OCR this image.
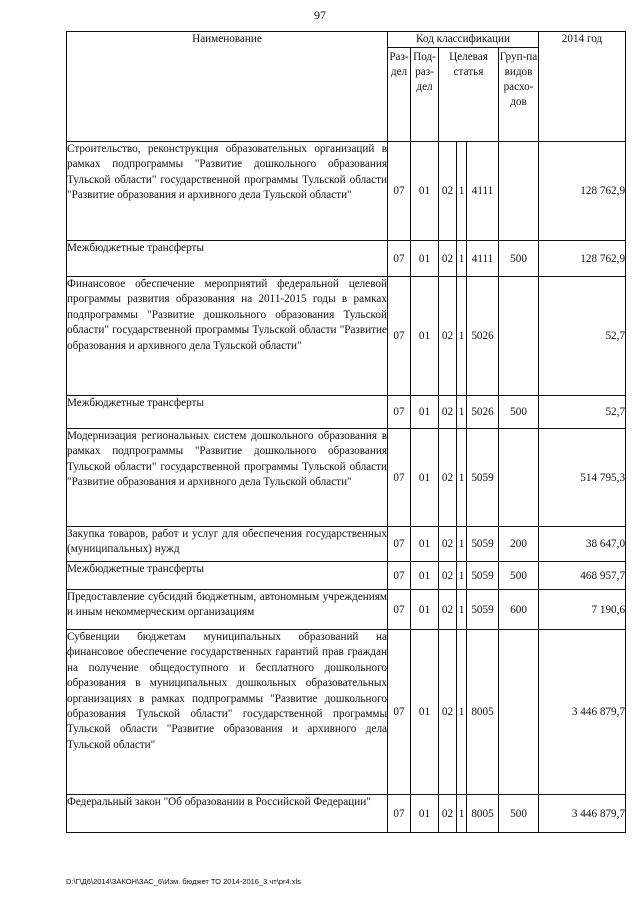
97
Наименование	Код классификации						2014 год
	Раз-дел	Под-раз-дел	Целевая статья			Груп-па видов расхо-дов	
Строительство, реконструкция образовательных организаций в рамках подпрограммы "Развитие дошкольного образования Тульской области" государственной программы Тульской области "Развитие образования и архивного дела Тульской области"	07	01	02	1	4111		128 762,9
Межбюджетные трансферты	07	01	02	1	4111	500	128 762,9
Финансовое обеспечение мероприятий федеральной целевой программы развития образования на 2011-2015 годы в рамках подпрограммы "Развитие дошкольного образования Тульской области" государственной программы Тульской области "Развитие образования и архивного дела Тульской области"	07	01	02	1	5026		52,7
Межбюджетные трансферты	07	01	02	1	5026	500	52,7
Модернизация региональных систем дошкольного образования в рамках подпрограммы "Развитие дошкольного образования Тульской области" государственной программы Тульской области "Развитие образования и архивного дела Тульской области"	07	01	02	1	5059		514 795,3
Закупка товаров, работ и услуг для обеспечения государственных (муниципальных) нужд	07	01	02	1	5059	200	38 647,0
Межбюджетные трансферты	07	01	02	1	5059	500	468 957,7
Предоставление субсидий бюджетным, автономным учреждениям и иным некоммерческим организациям	07	01	02	1	5059	600	7 190,6
Субвенции бюджетам муниципальных образований на финансовое обеспечение государственных гарантий прав граждан на получение общедоступного и бесплатного дошкольного образования в муниципальных дошкольных образовательных организациях в рамках подпрограммы "Развитие дошкольного образования Тульской области" государственной программы Тульской области "Развитие образования и архивного дела Тульской области"	07	01	02	1	8005		3 446 879,7
Федеральный закон "Об образовании в Российской Федерации"	07	01	02	1	8005	500	3 446 879,7
D:\Г\Д6\2014\ЗАКОН\ЗАС_6\Изм. бюджет ТО 2014-2016_3 чт\pr4.xls
